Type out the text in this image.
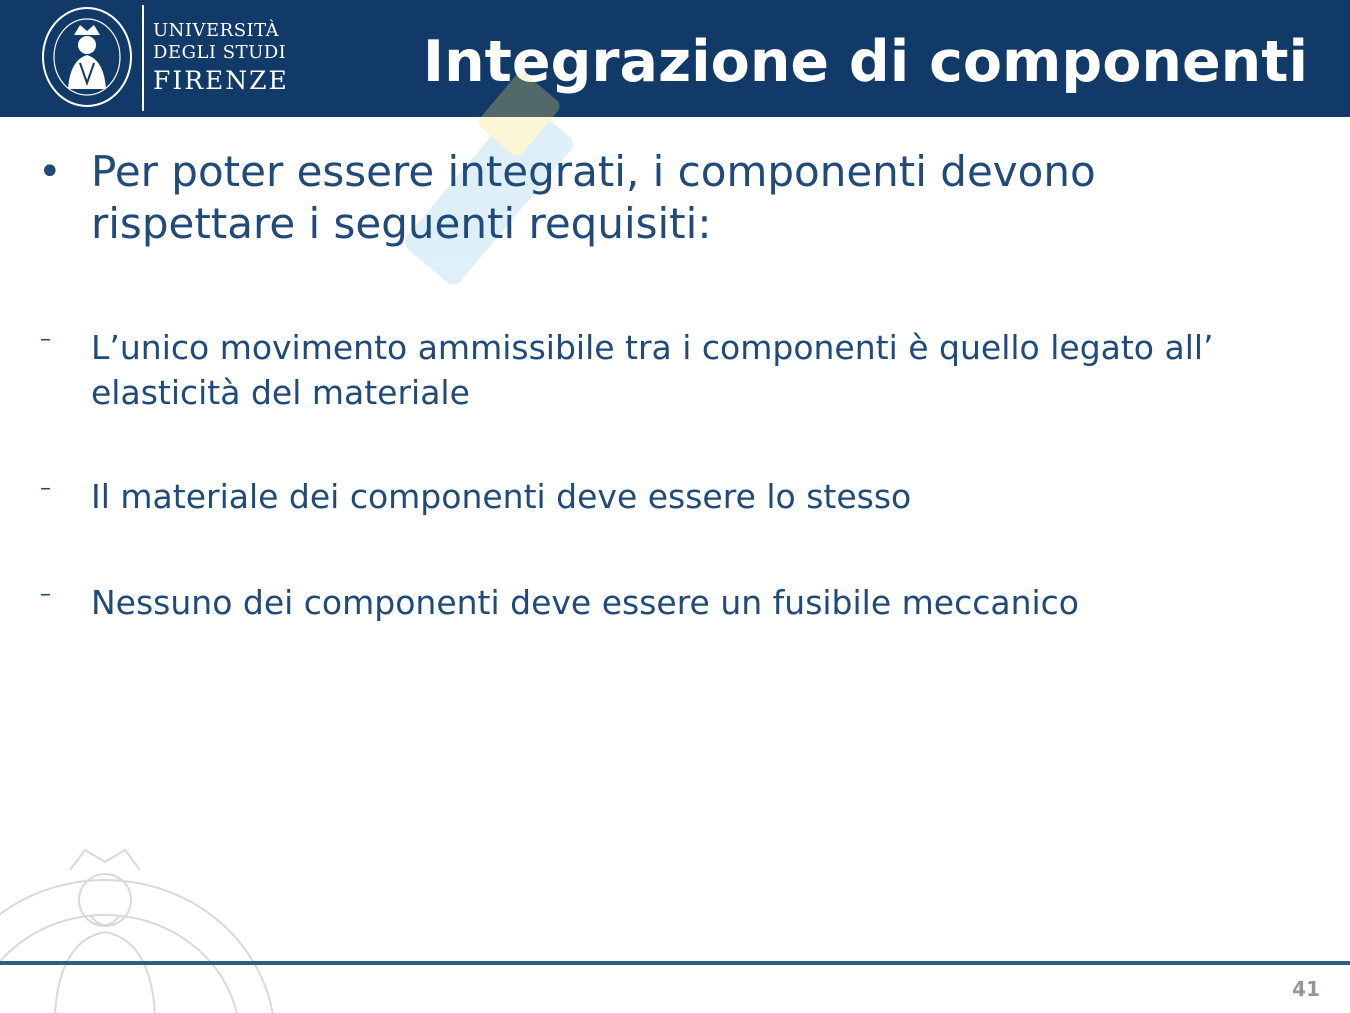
UNIVERSITÀ
DEGLI STUDI
FIRENZE Integrazione di componenti
• Per poter essere integrati, i componenti devono rispettare i seguenti requisiti:
– L’unico movimento ammissibile tra i componenti è quello legato all’ elasticità del materiale
– Il materiale dei componenti deve essere lo stesso
– Nessuno dei componenti deve essere un fusibile meccanico
41
